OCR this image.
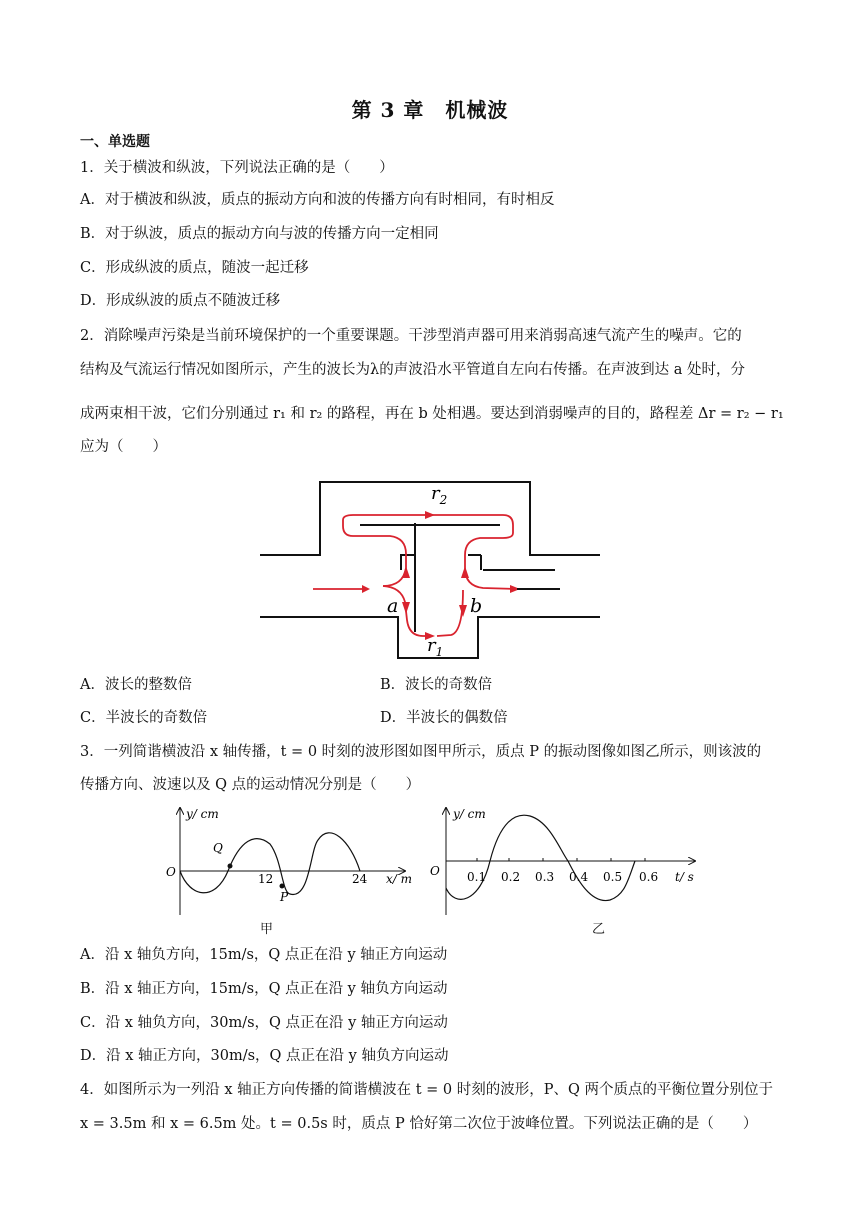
第 3 章　机械波
一、单选题
1．关于横波和纵波，下列说法正确的是（　　）
A．对于横波和纵波，质点的振动方向和波的传播方向有时相同，有时相反
B．对于纵波，质点的振动方向与波的传播方向一定相同
C．形成纵波的质点，随波一起迁移
D．形成纵波的质点不随波迁移
2．消除噪声污染是当前环境保护的一个重要课题。干涉型消声器可用来消弱高速气流产生的噪声。它的
结构及气流运行情况如图所示，产生的波长为λ的声波沿水平管道自左向右传播。在声波到达 a 处时，分
成两束相干波，它们分别通过 r₁ 和 r₂ 的路程，再在 b 处相遇。要达到消弱噪声的目的，路程差 Δr = r₂ − r₁
应为（　　）
$r_2$
$r_1$
a	b
A．波长的整数倍	B．波长的奇数倍
C．半波长的奇数倍	D．半波长的偶数倍
3．一列简谐横波沿 x 轴传播，t = 0 时刻的波形图如图甲所示，质点 P 的振动图像如图乙所示，则该波的
传播方向、波速以及 Q 点的运动情况分别是（　　）
y/ cm
O
Q
P
12	24 x/ m
甲
y/ cm
O 0.1 0.2 0.3 0.4 0.5 0.6 t/ s
乙
A．沿 x 轴负方向，15m/s，Q 点正在沿 y 轴正方向运动
B．沿 x 轴正方向，15m/s，Q 点正在沿 y 轴负方向运动
C．沿 x 轴负方向，30m/s，Q 点正在沿 y 轴正方向运动
D．沿 x 轴正方向，30m/s，Q 点正在沿 y 轴负方向运动
4．如图所示为一列沿 x 轴正方向传播的简谐横波在 t = 0 时刻的波形，P、Q 两个质点的平衡位置分别位于
x = 3.5m 和 x = 6.5m 处。t = 0.5s 时，质点 P 恰好第二次位于波峰位置。下列说法正确的是（　　）
